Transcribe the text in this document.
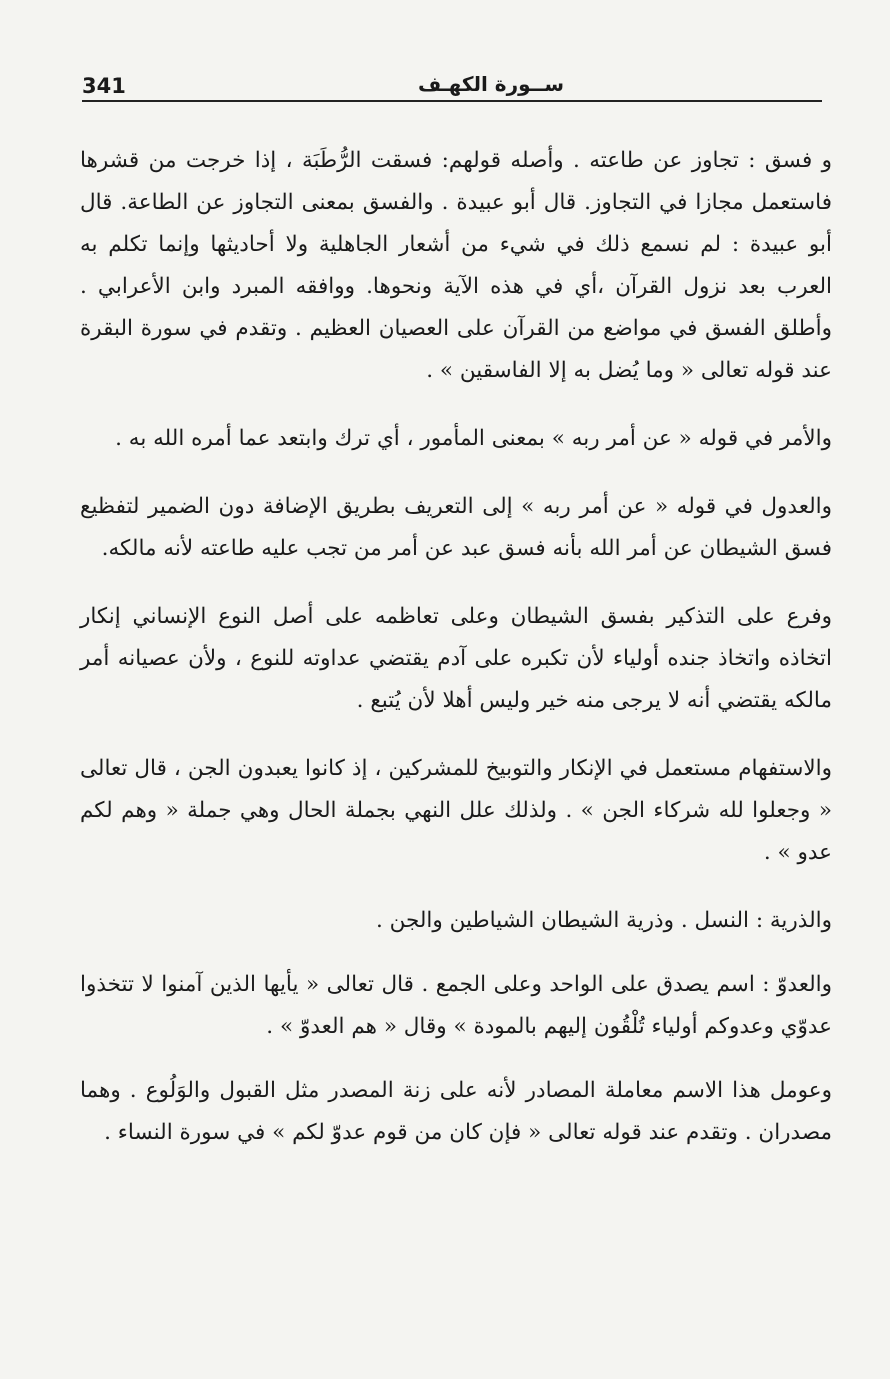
341	ســورة الكهـف

و فسق : تجاوز عن طاعته . وأصله قولهم: فسقت الرُّطَبَة ، إذا خرجت من قشرها فاستعمل مجازا في التجاوز. قال أبو عبيدة . والفسق بمعنى التجاوز عن الطاعة. قال أبو عبيدة : لم نسمع ذلك في شيء من أشعار الجاهلية ولا أحاديثها وإنما تكلم به العرب بعد نزول القرآن ،أي في هذه الآية ونحوها. ووافقه المبرد وابن الأعرابي . وأطلق الفسق في مواضع من القرآن على العصيان العظيم . وتقدم في سورة البقرة عند قوله تعالى « وما يُضل به إلا الفاسقين » .

والأمر في قوله « عن أمر ربه » بمعنى المأمور ، أي ترك وابتعد عما أمره الله به .

والعدول في قوله « عن أمر ربه » إلى التعريف بطريق الإضافة دون الضمير لتفظيع فسق الشيطان عن أمر الله بأنه فسق عبد عن أمر من تجب عليه طاعته لأنه مالكه.

وفرع على التذكير بفسق الشيطان وعلى تعاظمه على أصل النوع الإنساني إنكار اتخاذه واتخاذ جنده أولياء لأن تكبره على آدم يقتضي عداوته للنوع ، ولأن عصيانه أمر مالكه يقتضي أنه لا يرجى منه خير وليس أهلا لأن يُتبع .

والاستفهام مستعمل في الإنكار والتوبيخ للمشركين ، إذ كانوا يعبدون الجن ، قال تعالى « وجعلوا لله شركاء الجن » . ولذلك علل النهي بجملة الحال وهي جملة « وهم لكم عدو » .

والذرية : النسل . وذرية الشيطان الشياطين والجن .

والعدوّ : اسم يصدق على الواحد وعلى الجمع . قال تعالى « يأيها الذين آمنوا لا تتخذوا عدوّي وعدوكم أولياء تُلْقُون إليهم بالمودة » وقال « هم العدوّ » .

وعومل هذا الاسم معاملة المصادر لأنه على زنة المصدر مثل القبول والوَلُوع . وهما مصدران . وتقدم عند قوله تعالى « فإن كان من قوم عدوّ لكم » في سورة النساء .
